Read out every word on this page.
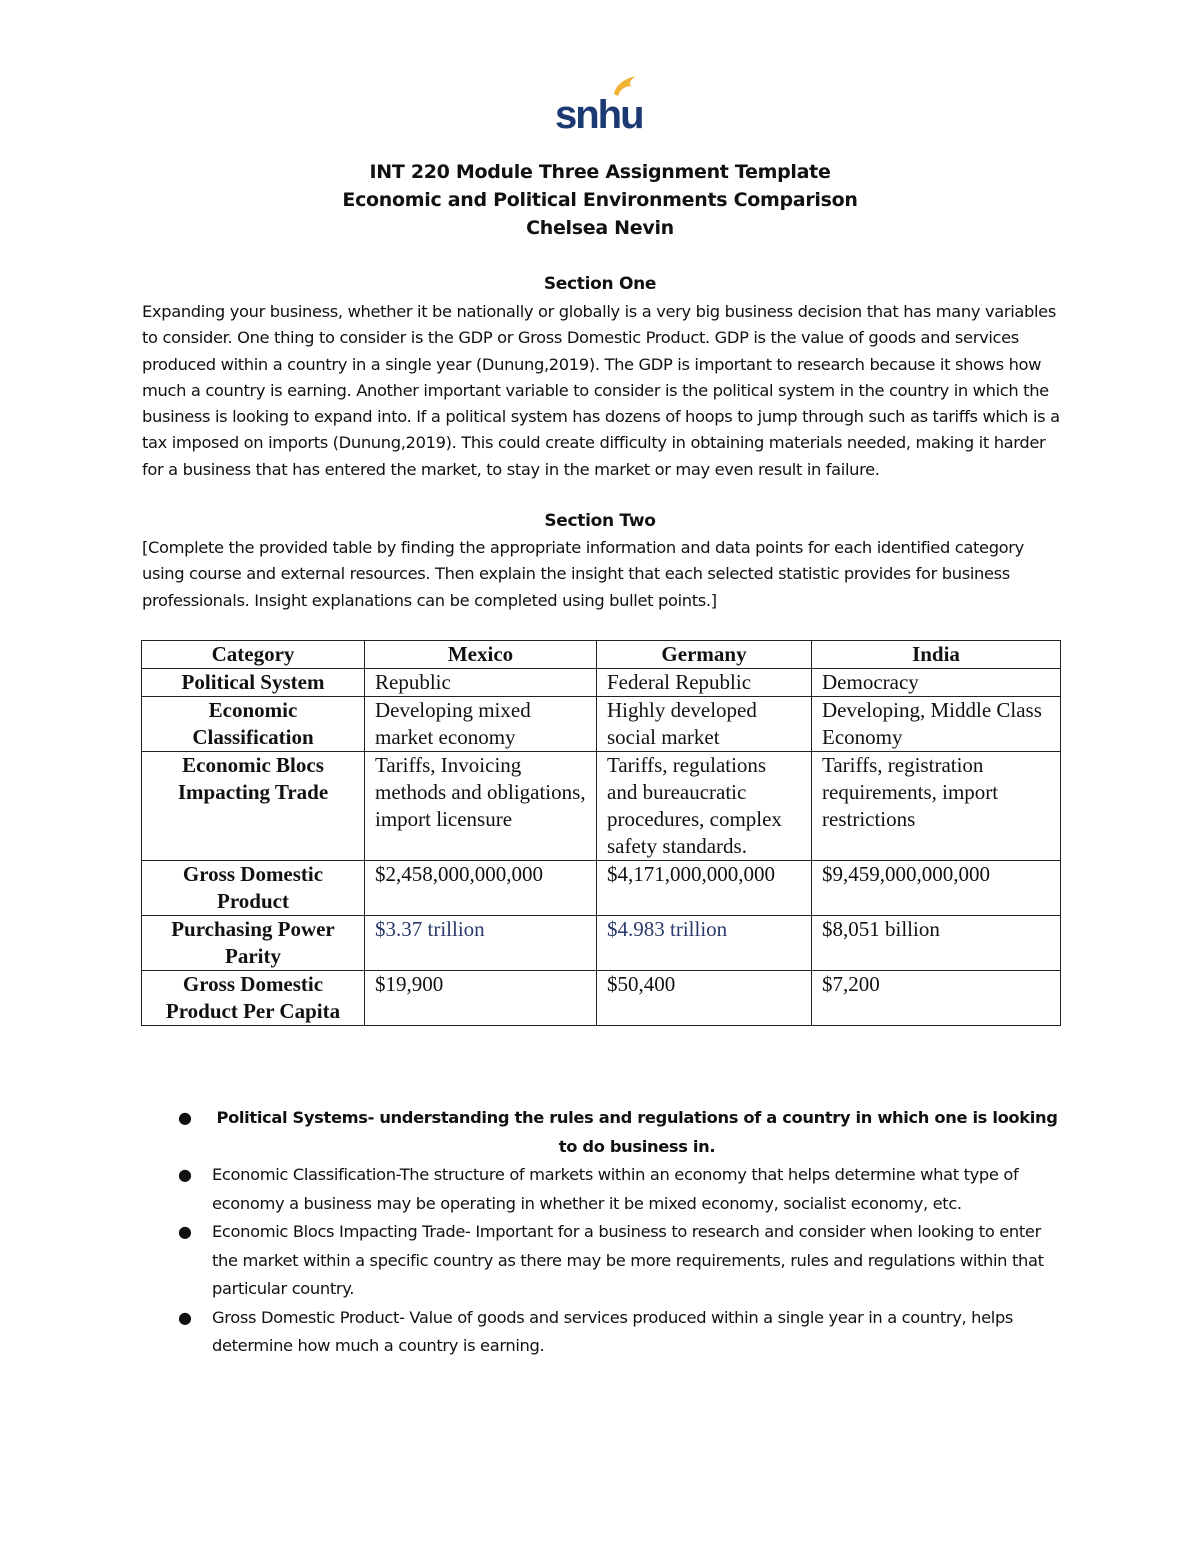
snhu
INT 220 Module Three Assignment Template
Economic and Political Environments Comparison
Chelsea Nevin
Section One
Expanding your business, whether it be nationally or globally is a very big business decision that has many variables to consider. One thing to consider is the GDP or Gross Domestic Product. GDP is the value of goods and services produced within a country in a single year (Dunung,2019). The GDP is important to research because it shows how much a country is earning. Another important variable to consider is the political system in the country in which the business is looking to expand into. If a political system has dozens of hoops to jump through such as tariffs which is a tax imposed on imports (Dunung,2019). This could create difficulty in obtaining materials needed, making it harder for a business that has entered the market, to stay in the market or may even result in failure.
Section Two
[Complete the provided table by finding the appropriate information and data points for each identified category using course and external resources. Then explain the insight that each selected statistic provides for business professionals. Insight explanations can be completed using bullet points.]
Category	Mexico	Germany	India
Political System	Republic	Federal Republic	Democracy
Economic Classification	Developing mixed market economy	Highly developed social market	Developing, Middle Class Economy
Economic Blocs Impacting Trade	Tariffs, Invoicing methods and obligations, import licensure	Tariffs, regulations and bureaucratic procedures, complex safety standards.	Tariffs, registration requirements, import restrictions
Gross Domestic Product	$2,458,000,000,000	$4,171,000,000,000	$9,459,000,000,000
Purchasing Power Parity	$3.37 trillion	$4.983 trillion	$8,051 billion
Gross Domestic Product Per Capita	$19,900	$50,400	$7,200
● Political Systems- understanding the rules and regulations of a country in which one is looking to do business in.
● Economic Classification-The structure of markets within an economy that helps determine what type of economy a business may be operating in whether it be mixed economy, socialist economy, etc.
● Economic Blocs Impacting Trade- Important for a business to research and consider when looking to enter the market within a specific country as there may be more requirements, rules and regulations within that particular country.
● Gross Domestic Product- Value of goods and services produced within a single year in a country, helps determine how much a country is earning.
